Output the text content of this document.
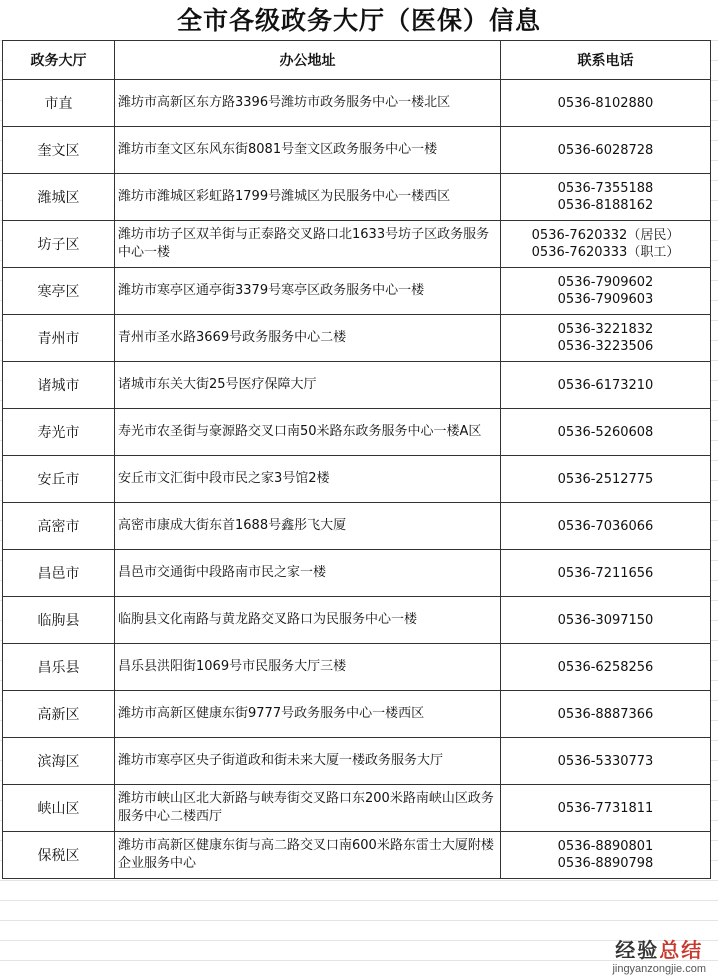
全市各级政务大厅（医保）信息
政务大厅	办公地址	联系电话
市直	潍坊市高新区东方路3396号潍坊市政务服务中心一楼北区	0536-8102880

奎文区	潍坊市奎文区东风东街8081号奎文区政务服务中心一楼	0536-6028728

潍城区	潍坊市潍城区彩虹路1799号潍城区为民服务中心一楼西区	0536-7355188
0536-8188162

坊子区	潍坊市坊子区双羊街与正泰路交叉路口北1633号坊子区政务服务中心一楼	0536-7620332（居民）
0536-7620333（职工）

寒亭区	潍坊市寒亭区通亭街3379号寒亭区政务服务中心一楼	0536-7909602
0536-7909603

青州市	青州市圣水路3669号政务服务中心二楼	0536-3221832
0536-3223506

诸城市	诸城市东关大街25号医疗保障大厅	0536-6173210

寿光市	寿光市农圣街与豪源路交叉口南50米路东政务服务中心一楼A区	0536-5260608

安丘市	安丘市文汇街中段市民之家3号馆2楼	0536-2512775

高密市	高密市康成大街东首1688号鑫彤飞大厦	0536-7036066

昌邑市	昌邑市交通街中段路南市民之家一楼	0536-7211656

临朐县	临朐县文化南路与黄龙路交叉路口为民服务中心一楼	0536-3097150

昌乐县	昌乐县洪阳街1069号市民服务大厅三楼	0536-6258256

高新区	潍坊市高新区健康东街9777号政务服务中心一楼西区	0536-8887366

滨海区	潍坊市寒亭区央子街道政和街未来大厦一楼政务服务大厅	0536-5330773

峡山区	潍坊市峡山区北大新路与峡寿街交叉路口东200米路南峡山区政务服务中心二楼西厅	0536-7731811

保税区	潍坊市高新区健康东街与高二路交叉口南600米路东雷士大厦附楼企业服务中心	0536-8890801
0536-8890798
经验总结
jingyanzongjie.com
